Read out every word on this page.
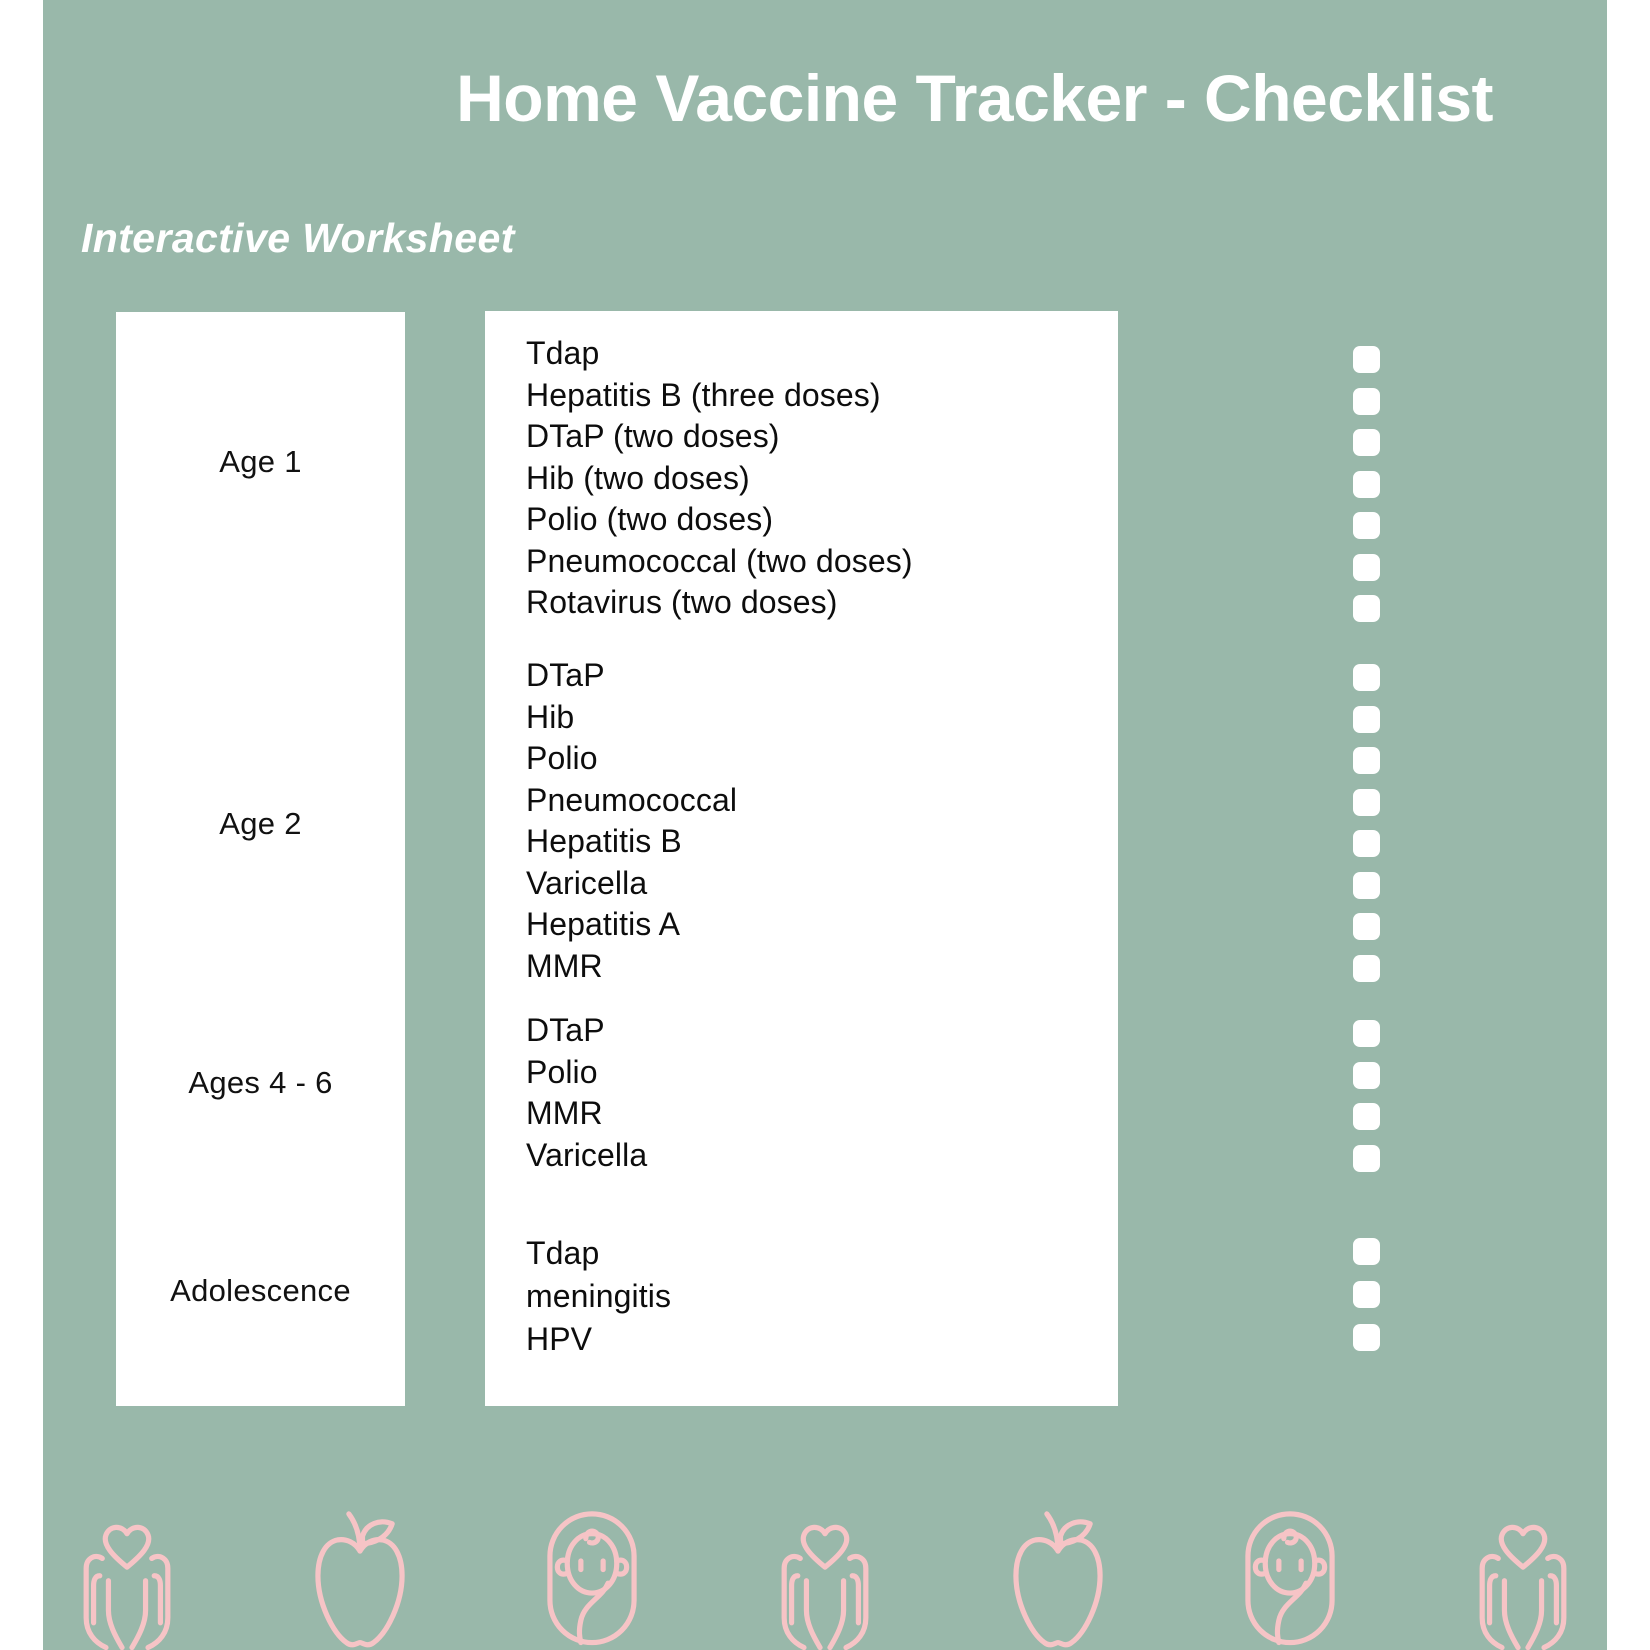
Home Vaccine Tracker - Checklist
Interactive Worksheet
Age 1
Age 2
Ages 4 - 6
Adolescence
Tdap
Hepatitis B (three doses)
DTaP (two doses)
Hib (two doses)
Polio (two doses)
Pneumococcal (two doses)
Rotavirus (two doses)
DTaP
Hib
Polio
Pneumococcal
Hepatitis B
Varicella
Hepatitis A
MMR
DTaP
Polio
MMR
Varicella
Tdap
meningitis
HPV
